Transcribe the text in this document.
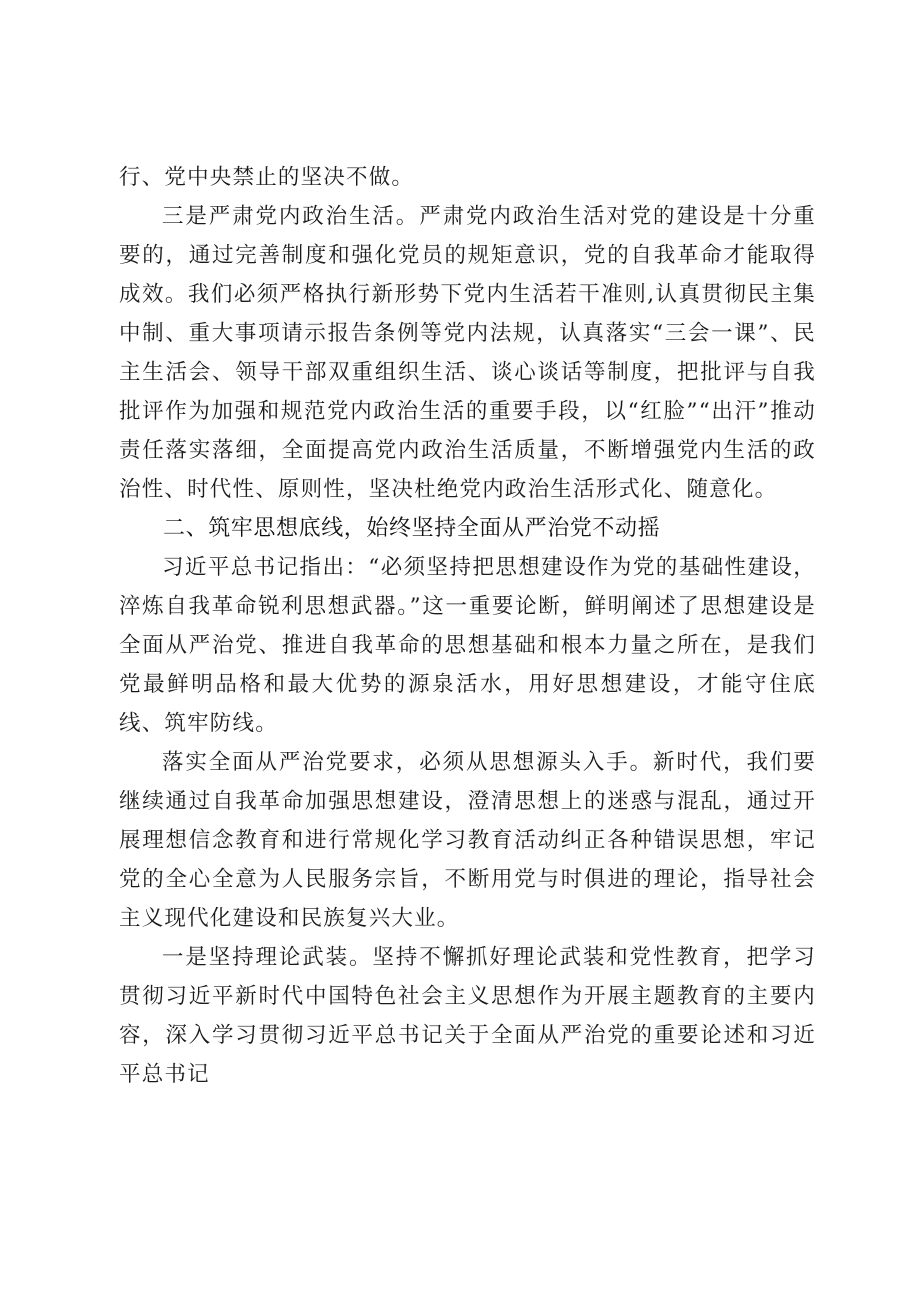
行、党中央禁止的坚决不做。

三是严肃党内政治生活。严肃党内政治生活对党的建设是十分重要的，通过完善制度和强化党员的规矩意识，党的自我革命才能取得成效。我们必须严格执行新形势下党内生活若干准则,认真贯彻民主集中制、重大事项请示报告条例等党内法规，认真落实“三会一课”、民主生活会、领导干部双重组织生活、谈心谈话等制度，把批评与自我批评作为加强和规范党内政治生活的重要手段，以“红脸”“出汗”推动责任落实落细，全面提高党内政治生活质量，不断增强党内生活的政治性、时代性、原则性，坚决杜绝党内政治生活形式化、随意化。

二、筑牢思想底线，始终坚持全面从严治党不动摇

习近平总书记指出：“必须坚持把思想建设作为党的基础性建设，淬炼自我革命锐利思想武器。”这一重要论断，鲜明阐述了思想建设是全面从严治党、推进自我革命的思想基础和根本力量之所在，是我们党最鲜明品格和最大优势的源泉活水，用好思想建设，才能守住底线、筑牢防线。

落实全面从严治党要求，必须从思想源头入手。新时代，我们要继续通过自我革命加强思想建设，澄清思想上的迷惑与混乱，通过开展理想信念教育和进行常规化学习教育活动纠正各种错误思想，牢记党的全心全意为人民服务宗旨，不断用党与时俱进的理论，指导社会主义现代化建设和民族复兴大业。

一是坚持理论武装。坚持不懈抓好理论武装和党性教育，把学习贯彻习近平新时代中国特色社会主义思想作为开展主题教育的主要内容，深入学习贯彻习近平总书记关于全面从严治党的重要论述和习近平总书记
